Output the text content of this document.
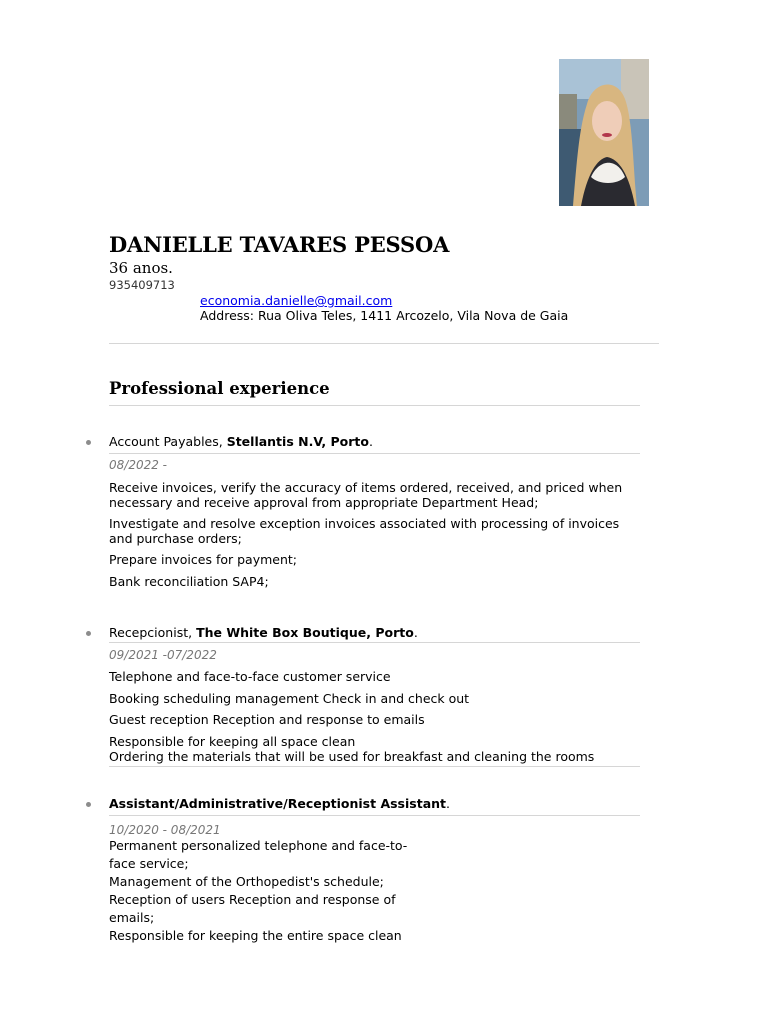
DANIELLE TAVARES PESSOA
36 anos.
935409713
economia.danielle@gmail.com
Address: Rua Oliva Teles, 1411 Arcozelo, Vila Nova de Gaia
Professional experience
Account Payables, Stellantis N.V, Porto.
08/2022 -
Receive invoices, verify the accuracy of items ordered, received, and priced when necessary and receive approval from appropriate Department Head;
Investigate and resolve exception invoices associated with processing of invoices and purchase orders;
Prepare invoices for payment;
Bank reconciliation SAP4;
Recepcionist, The White Box Boutique, Porto.
09/2021 -07/2022
Telephone and face-to-face customer service
Booking scheduling management Check in and check out
Guest reception Reception and response to emails
Responsible for keeping all space clean
Ordering the materials that will be used for breakfast and cleaning the rooms
Assistant/Administrative/Receptionist Assistant.
10/2020 - 08/2021
Permanent personalized telephone and face-to-
face service;
Management of the Orthopedist's schedule;
Reception of users Reception and response of
emails;
Responsible for keeping the entire space clean
